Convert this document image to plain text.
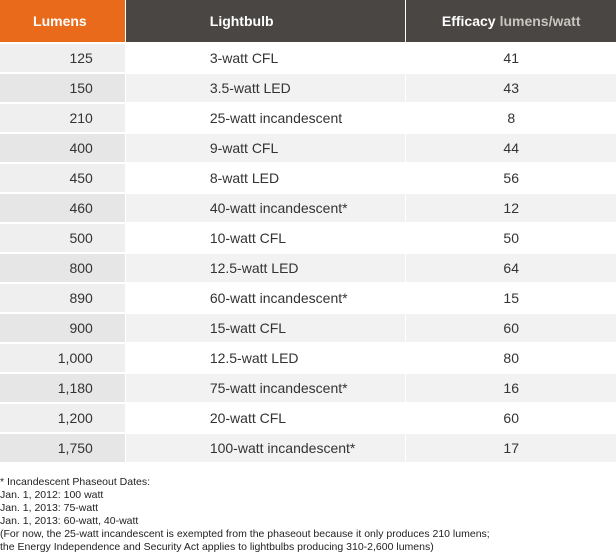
Lumens	Lightbulb	Efficacy lumens/watt
125	3-watt CFL	41
150	3.5-watt LED	43
210	25-watt incandescent	8
400	9-watt CFL	44
450	8-watt LED	56
460	40-watt incandescent*	12
500	10-watt CFL	50
800	12.5-watt LED	64
890	60-watt incandescent*	15
900	15-watt CFL	60
1,000	12.5-watt LED	80
1,180	75-watt incandescent*	16
1,200	20-watt CFL	60
1,750	100-watt incandescent*	17
* Incandescent Phaseout Dates:
Jan. 1, 2012: 100 watt
Jan. 1, 2013: 75-watt
Jan. 1, 2013: 60-watt, 40-watt
(For now, the 25-watt incandescent is exempted from the phaseout because it only produces 210 lumens;
the Energy Independence and Security Act applies to lightbulbs producing 310-2,600 lumens)
